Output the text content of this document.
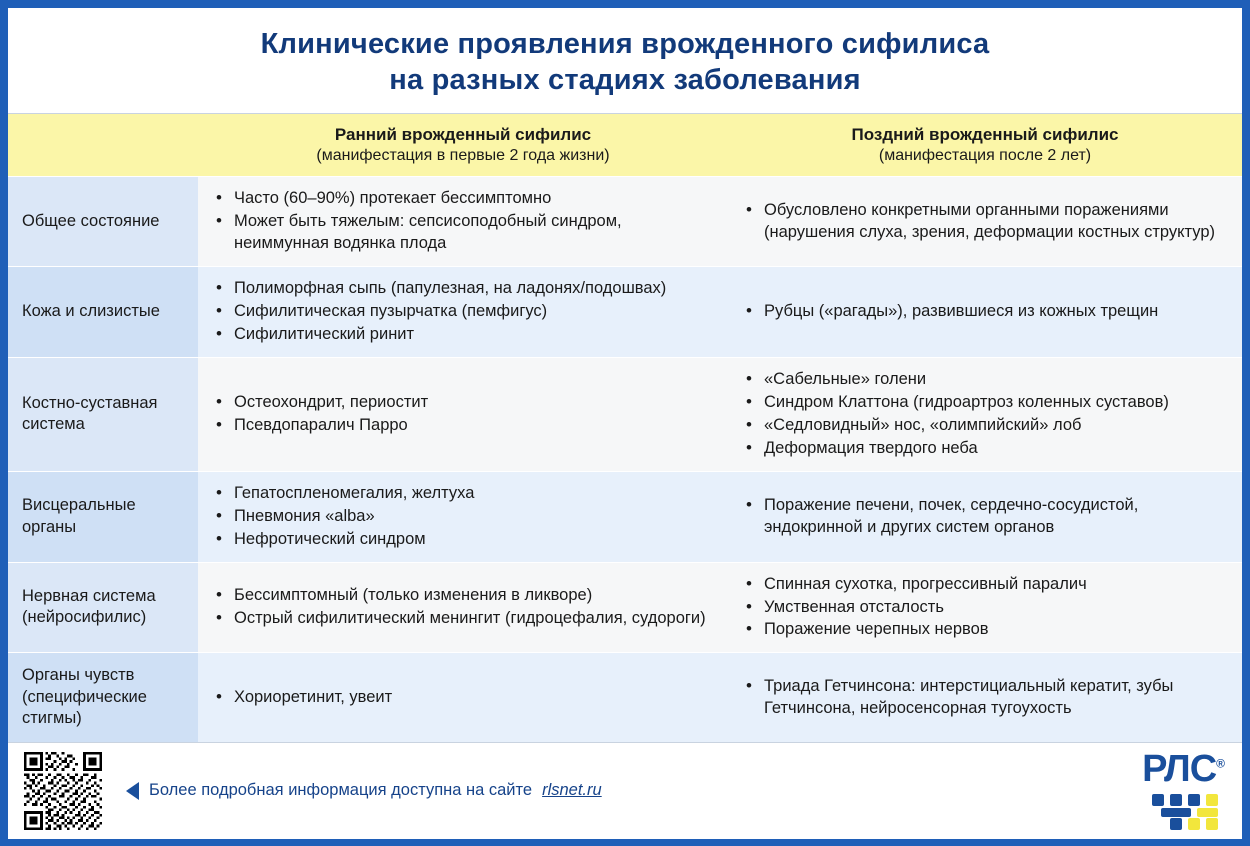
Клинические проявления врожденного сифилиса
на разных стадиях заболевания
Ранний врожденный сифилис
(манифестация в первые 2 года жизни)
Поздний врожденный сифилис
(манифестация после 2 лет)
Общее состояние
• Часто (60–90%) протекает бессимптомно
• Может быть тяжелым: сепсисоподобный синдром, неиммунная водянка плода
• Обусловлено конкретными органными поражениями (нарушения слуха, зрения, деформации костных структур)
Кожа и слизистые
• Полиморфная сыпь (папулезная, на ладонях/подошвах)
• Сифилитическая пузырчатка (пемфигус)
• Сифилитический ринит
• Рубцы («рагады»), развившиеся из кожных трещин
Костно-суставная система
• Остеохондрит, периостит
• Псевдопаралич Парро
• «Сабельные» голени
• Синдром Клаттона (гидроартроз коленных суставов)
• «Седловидный» нос, «олимпийский» лоб
• Деформация твердого неба
Висцеральные органы
• Гепатоспленомегалия, желтуха
• Пневмония «alba»
• Нефротический синдром
• Поражение печени, почек, сердечно-сосудистой, эндокринной и других систем органов
Нервная система (нейросифилис)
• Бессимптомный (только изменения в ликворе)
• Острый сифилитический менингит (гидроцефалия, судороги)
• Спинная сухотка, прогрессивный паралич
• Умственная отсталость
• Поражение черепных нервов
Органы чувств (специфические стигмы)
• Хориоретинит, увеит
• Триада Гетчинсона: интерстициальный кератит, зубы Гетчинсона, нейросенсорная тугоухость
Более подробная информация доступна на сайте rlsnet.ru
РЛС®
